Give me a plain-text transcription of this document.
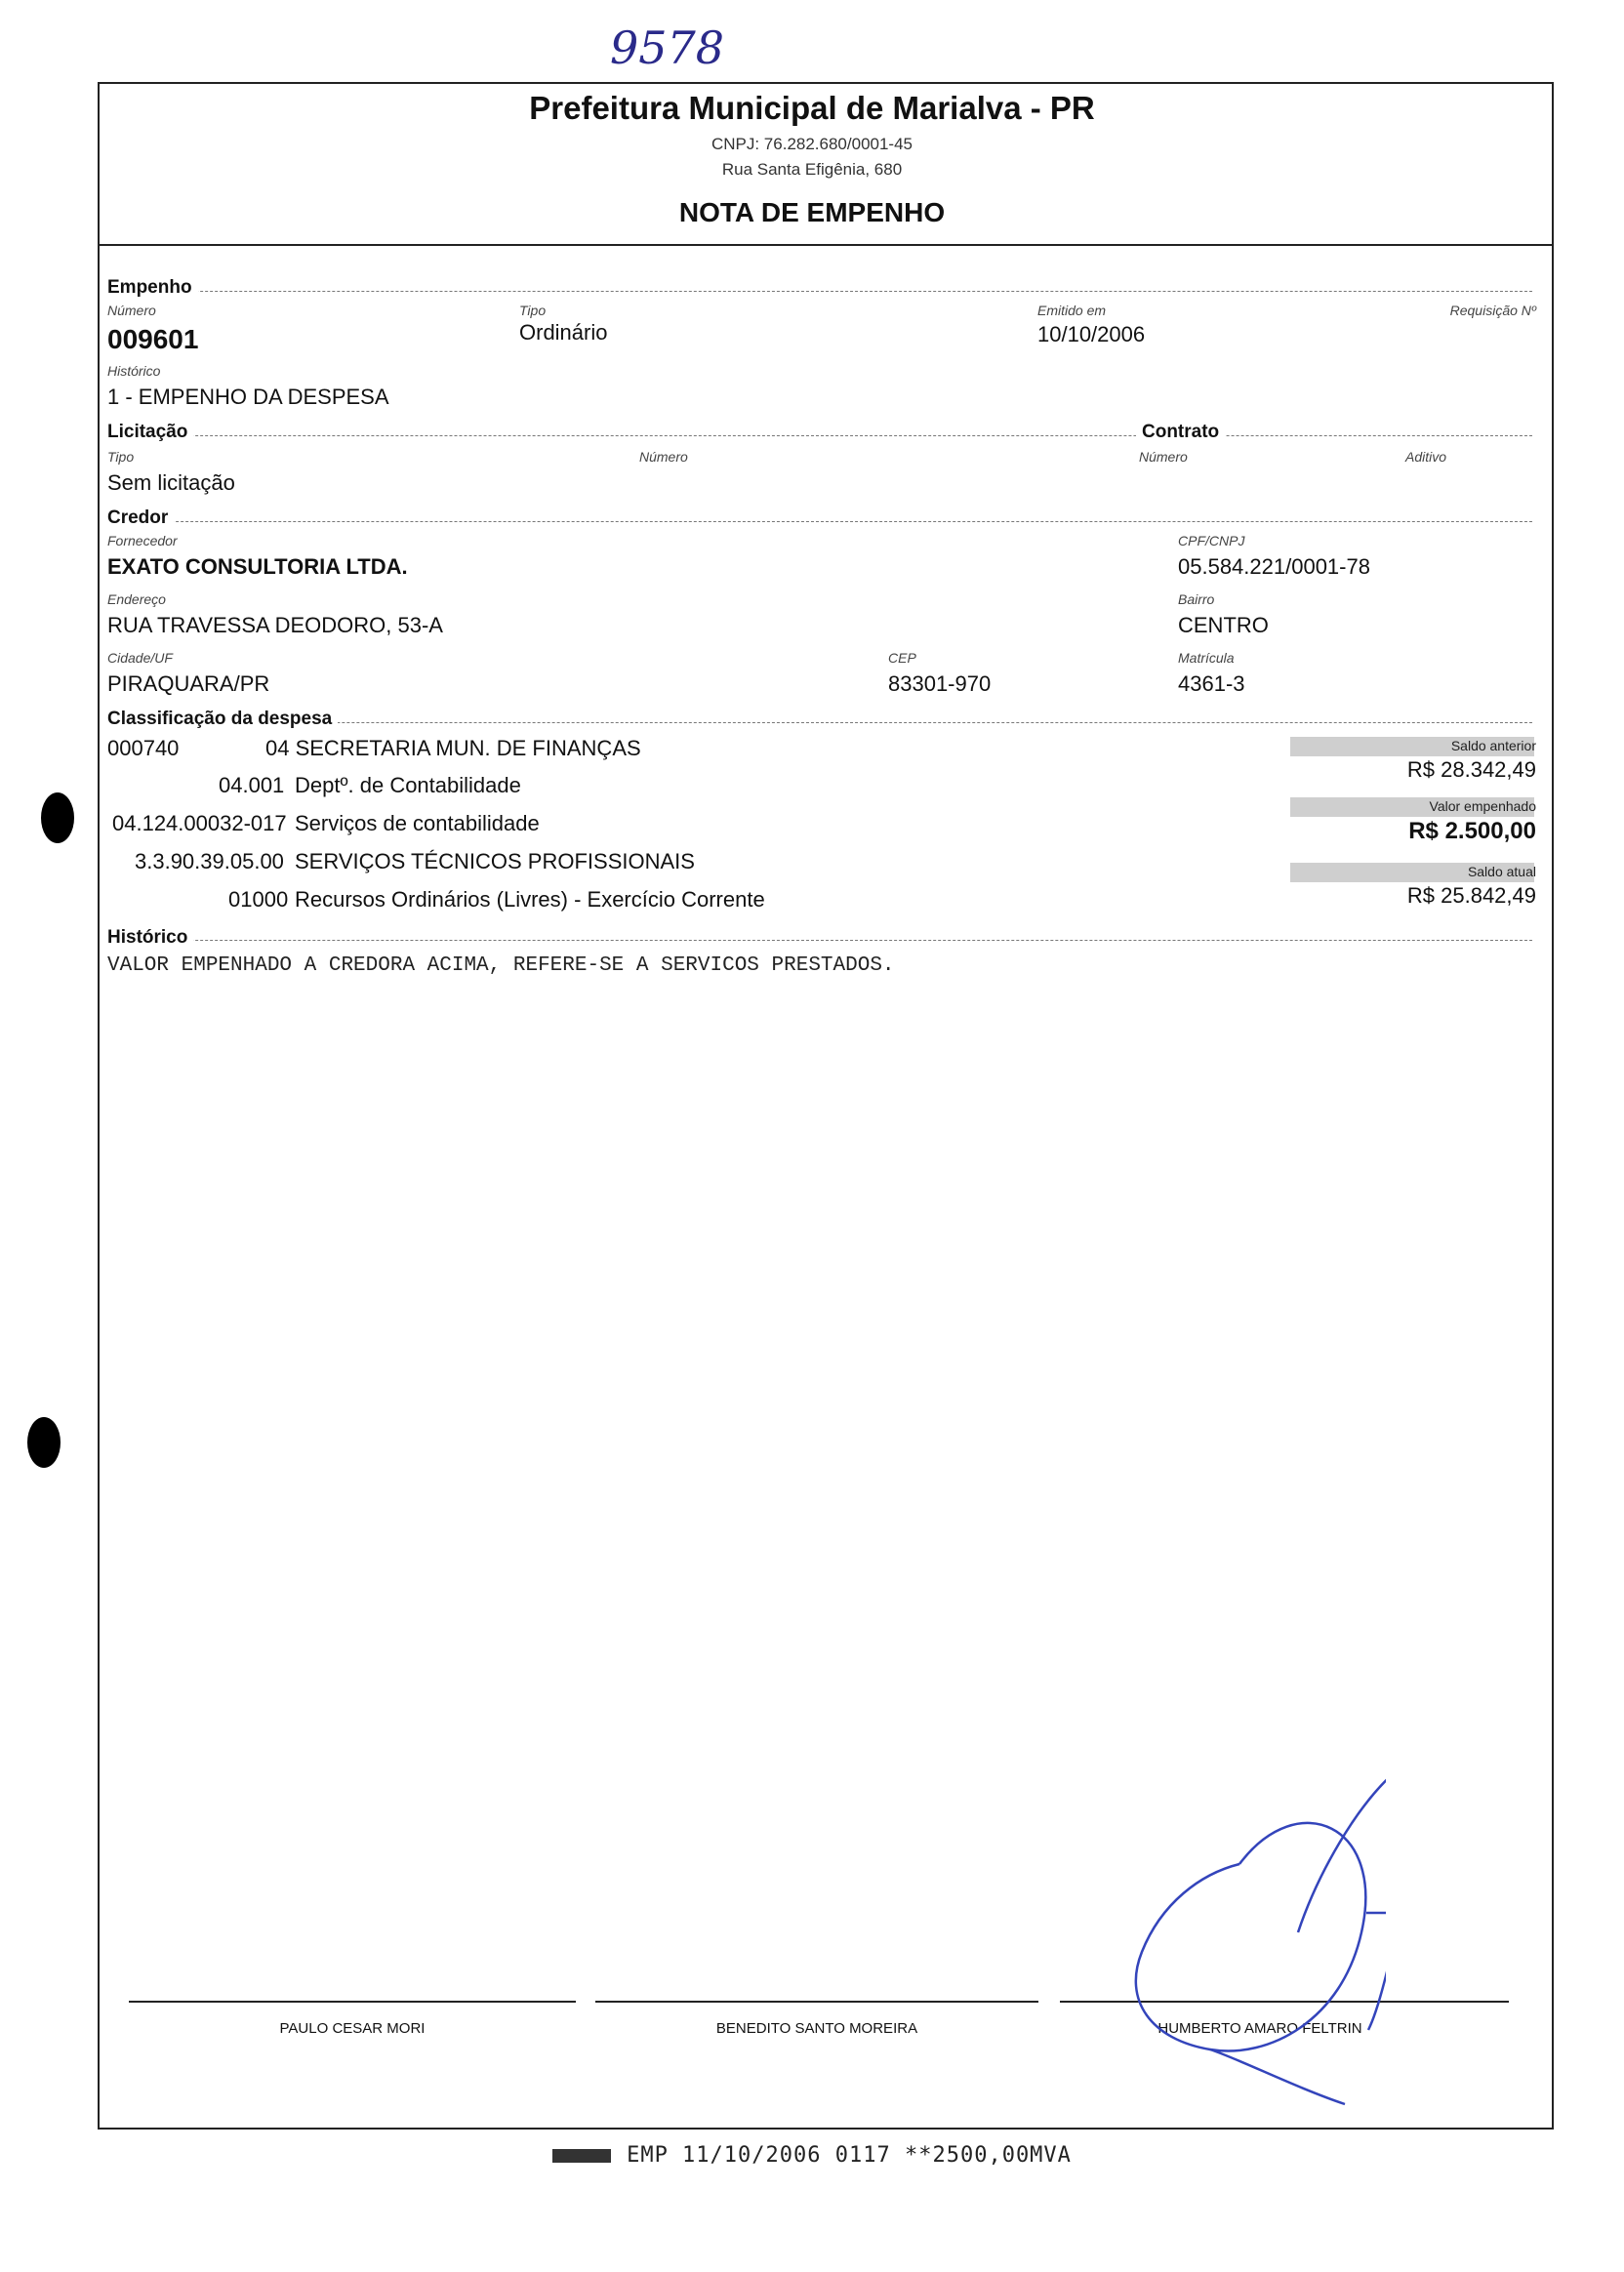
9578
Prefeitura Municipal de Marialva - PR
CNPJ: 76.282.680/0001-45
Rua Santa Efigênia, 680
NOTA DE EMPENHO
Empenho
Número
009601
Tipo
Ordinário
Emitido em
10/10/2006
Requisição Nº
Histórico
1 - EMPENHO DA DESPESA
Licitação	Contrato
Tipo
Sem licitação
Número	Número	Aditivo
Credor
Fornecedor
EXATO CONSULTORIA LTDA.
CPF/CNPJ
05.584.221/0001-78
Endereço
RUA TRAVESSA DEODORO, 53-A
Bairro
CENTRO
Cidade/UF
PIRAQUARA/PR
CEP
83301-970
Matrícula
4361-3
Classificação da despesa
000740	04 SECRETARIA MUN. DE FINANÇAS
04.001 Deptº. de Contabilidade
04.124.00032-017 Serviços de contabilidade
3.3.90.39.05.00 SERVIÇOS TÉCNICOS PROFISSIONAIS
01000 Recursos Ordinários (Livres) - Exercício Corrente
Saldo anterior
R$ 28.342,49
Valor empenhado
R$ 2.500,00
Saldo atual
R$ 25.842,49
Histórico
VALOR EMPENHADO A CREDORA ACIMA, REFERE-SE A SERVICOS PRESTADOS.
PAULO CESAR MORI	BENEDITO SANTO MOREIRA	HUMBERTO AMARO FELTRIN
EMP 11/10/2006 0117 **2500,00MVA
